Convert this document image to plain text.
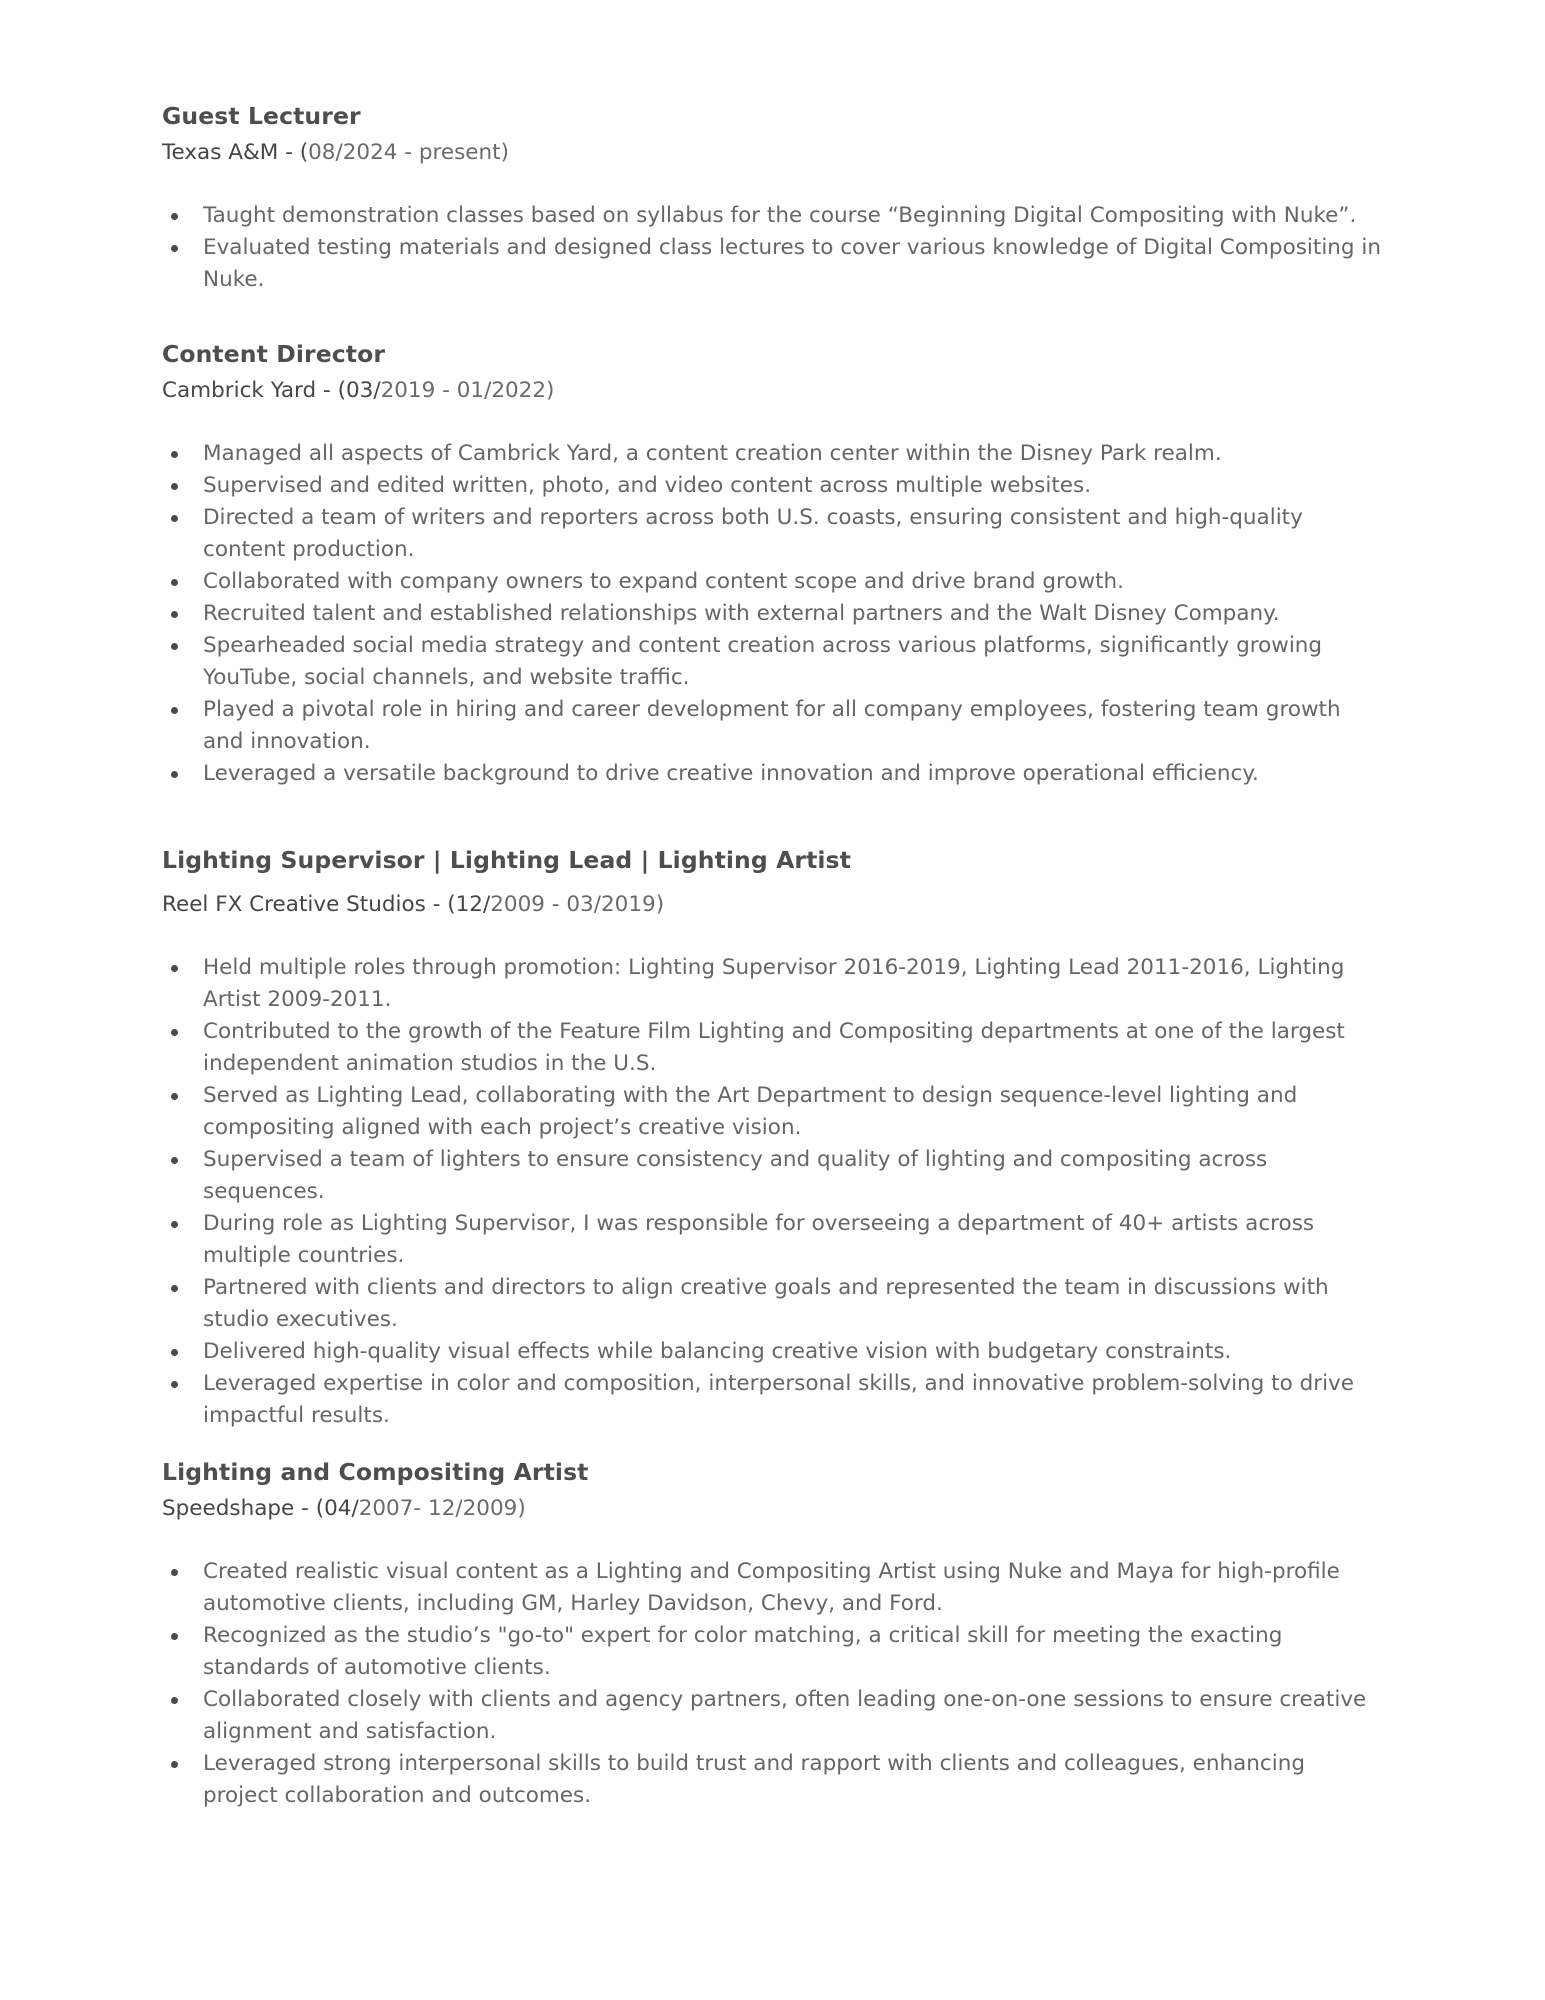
Guest Lecturer

Texas A&M - (08/2024 - present)

Taught demonstration classes based on syllabus for the course “Beginning Digital Compositing with Nuke”.
Evaluated testing materials and designed class lectures to cover various knowledge of Digital Compositing in Nuke.
Content Director

Cambrick Yard - (03/2019 - 01/2022)

Managed all aspects of Cambrick Yard, a content creation center within the Disney Park realm.
Supervised and edited written, photo, and video content across multiple websites.
Directed a team of writers and reporters across both U.S. coasts, ensuring consistent and high-quality content production.
Collaborated with company owners to expand content scope and drive brand growth.
Recruited talent and established relationships with external partners and the Walt Disney Company.
Spearheaded social media strategy and content creation across various platforms, significantly growing YouTube, social channels, and website traffic.
Played a pivotal role in hiring and career development for all company employees, fostering team growth and innovation.
Leveraged a versatile background to drive creative innovation and improve operational efficiency.
Lighting Supervisor | Lighting Lead | Lighting Artist

Reel FX Creative Studios - (12/2009 - 03/2019)

Held multiple roles through promotion: Lighting Supervisor 2016-2019, Lighting Lead 2011-2016, Lighting Artist 2009-2011.
Contributed to the growth of the Feature Film Lighting and Compositing departments at one of the largest independent animation studios in the U.S.
Served as Lighting Lead, collaborating with the Art Department to design sequence-level lighting and compositing aligned with each project’s creative vision.
Supervised a team of lighters to ensure consistency and quality of lighting and compositing across sequences.
During role as Lighting Supervisor, I was responsible for overseeing a department of 40+ artists across multiple countries.
Partnered with clients and directors to align creative goals and represented the team in discussions with studio executives.
Delivered high-quality visual effects while balancing creative vision with budgetary constraints.
Leveraged expertise in color and composition, interpersonal skills, and innovative problem-solving to drive impactful results.
Lighting and Compositing Artist

Speedshape - (04/2007- 12/2009)

Created realistic visual content as a Lighting and Compositing Artist using Nuke and Maya for high-profile automotive clients, including GM, Harley Davidson, Chevy, and Ford.
Recognized as the studio’s "go-to" expert for color matching, a critical skill for meeting the exacting standards of automotive clients.
Collaborated closely with clients and agency partners, often leading one-on-one sessions to ensure creative alignment and satisfaction.
Leveraged strong interpersonal skills to build trust and rapport with clients and colleagues, enhancing project collaboration and outcomes.
